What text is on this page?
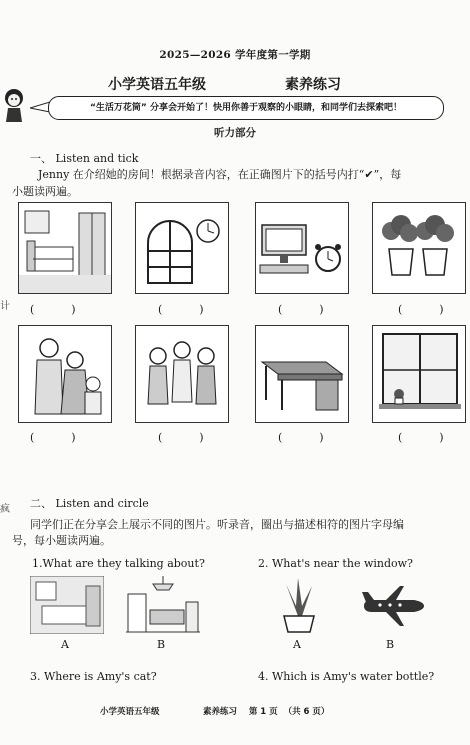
2025—2026 学年度第一学期
小学英语五年级	素养练习
“生活万花筒” 分享会开始了！快用你善于观察的小眼睛，和同学们去探索吧！
听力部分
一、 Listen and tick
Jenny 在介绍她的房间！根据录音内容，在正确图片下的括号内打“✔”，每
小题读两遍。
(        )	(        )	(        )	(        )
(        )	(        )	(        )	(        )
计
疯 二、 Listen and circle
同学们正在分享会上展示不同的图片。听录音，圈出与描述相符的图片字母编
号，每小题读两遍。
1.What are they talking about?	2. What's near the window?
A	B	A	B
3. Where is Amy's cat?	4. Which is Amy's water bottle?
小学英语五年级	素养练习    第 1 页  （共 6 页）
